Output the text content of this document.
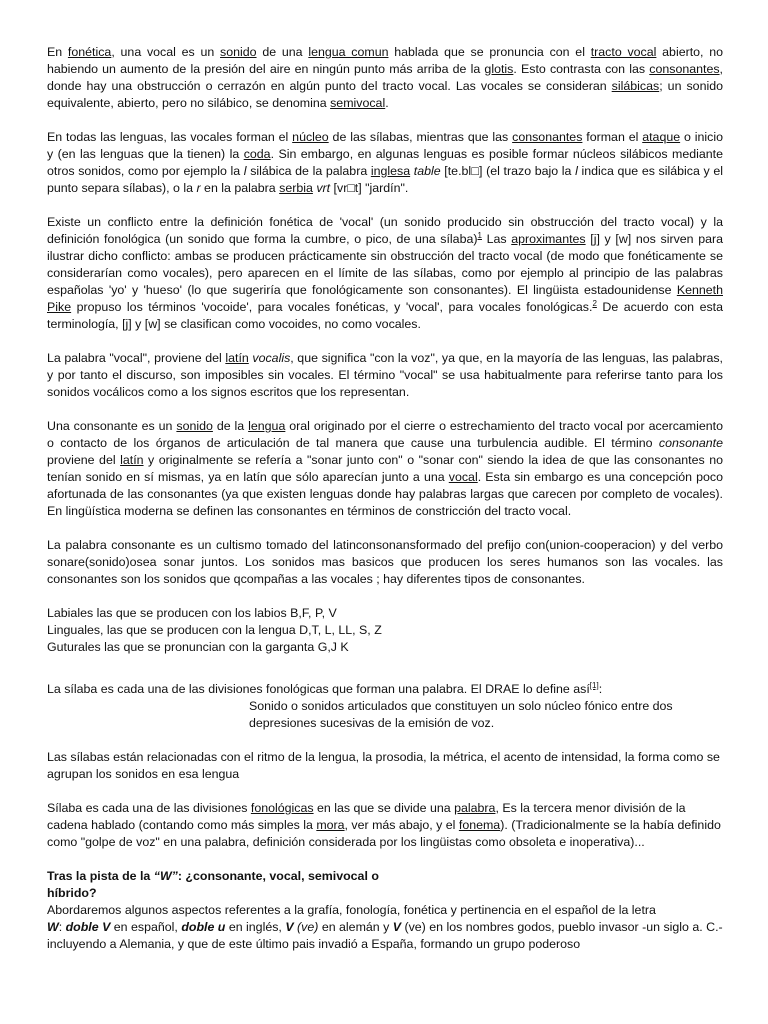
En fonética, una vocal es un sonido de una lengua comun hablada que se pronuncia con el tracto vocal abierto, no habiendo un aumento de la presión del aire en ningún punto más arriba de la glotis. Esto contrasta con las consonantes, donde hay una obstrucción o cerrazón en algún punto del tracto vocal. Las vocales se consideran silábicas; un sonido equivalente, abierto, pero no silábico, se denomina semivocal.

En todas las lenguas, las vocales forman el núcleo de las sílabas, mientras que las consonantes forman el ataque o inicio y (en las lenguas que la tienen) la coda. Sin embargo, en algunas lenguas es posible formar núcleos silábicos mediante otros sonidos, como por ejemplo la l silábica de la palabra inglesa table [te.bl□] (el trazo bajo la l indica que es silábica y el punto separa sílabas), o la r en la palabra serbia vrt [vr□t] "jardín".

Existe un conflicto entre la definición fonética de 'vocal' (un sonido producido sin obstrucción del tracto vocal) y la definición fonológica (un sonido que forma la cumbre, o pico, de una sílaba)$^1$ Las aproximantes [j] y [w] nos sirven para ilustrar dicho conflicto: ambas se producen prácticamente sin obstrucción del tracto vocal (de modo que fonéticamente se considerarían como vocales), pero aparecen en el límite de las sílabas, como por ejemplo al principio de las palabras españolas 'yo' y 'hueso' (lo que sugeriría que fonológicamente son consonantes). El lingüista estadounidense Kenneth Pike propuso los términos 'vocoide', para vocales fonéticas, y 'vocal', para vocales fonológicas.$^2$ De acuerdo con esta terminología, [j] y [w] se clasifican como vocoides, no como vocales.

La palabra "vocal", proviene del latín vocalis, que significa "con la voz", ya que, en la mayoría de las lenguas, las palabras, y por tanto el discurso, son imposibles sin vocales. El término "vocal" se usa habitualmente para referirse tanto para los sonidos vocálicos como a los signos escritos que los representan.

Una consonante es un sonido de la lengua oral originado por el cierre o estrechamiento del tracto vocal por acercamiento o contacto de los órganos de articulación de tal manera que cause una turbulencia audible. El término consonante proviene del latín y originalmente se refería a "sonar junto con" o "sonar con" siendo la idea de que las consonantes no tenían sonido en sí mismas, ya en latín que sólo aparecían junto a una vocal. Esta sin embargo es una concepción poco afortunada de las consonantes (ya que existen lenguas donde hay palabras largas que carecen por completo de vocales). En lingüística moderna se definen las consonantes en términos de constricción del tracto vocal.

La palabra consonante es un cultismo tomado del latinconsonansformado del prefijo con(union-cooperacion) y del verbo sonare(sonido)osea sonar juntos. Los sonidos mas basicos que producen los seres humanos son las vocales. las consonantes son los sonidos que qcompañas a las vocales ; hay diferentes tipos de consonantes.

Labiales las que se producen con los labios B,F, P, V

Linguales, las que se producen con la lengua D,T, L, LL, S, Z

Guturales las que se pronuncian con la garganta G,J K

La sílaba es cada una de las divisiones fonológicas que forman una palabra. El DRAE lo define así[1]:

Sonido o sonidos articulados que constituyen un solo núcleo fónico entre dos
depresiones sucesivas de la emisión de voz.

Las sílabas están relacionadas con el ritmo de la lengua, la prosodia, la métrica, el acento de intensidad, la forma como se agrupan los sonidos en esa lengua

Sílaba es cada una de las divisiones fonológicas en las que se divide una palabra, Es la tercera menor división de la cadena hablado (contando como más simples la mora, ver más abajo, y el fonema). (Tradicionalmente se la había definido como "golpe de voz" en una palabra, definición considerada por los lingüistas como obsoleta e inoperativa)...

Tras la pista de la “W”: ¿consonante, vocal, semivocal o
híbrido?

Abordaremos algunos aspectos referentes a la grafía, fonología, fonética y pertinencia en el español de la letra
W: doble V en español, doble u en inglés, V (ve) en alemán y V (ve) en los nombres godos, pueblo invasor -un siglo a. C.-incluyendo a Alemania, y que de este último pais invadió a España, formando un grupo poderoso
